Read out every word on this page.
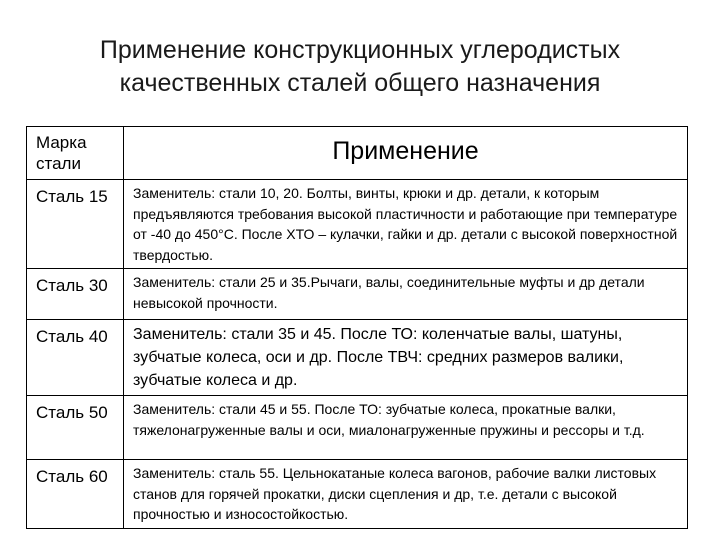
Применение конструкционных углеродистых
качественных сталей общего назначения
Марка
стали	Применение
Сталь 15	Заменитель: стали 10, 20. Болты, винты, крюки и др. детали, к которым предъявляются требования высокой пластичности и работающие при температуре от -40 до 450°С. После ХТО – кулачки, гайки и др. детали с высокой поверхностной твердостью.
Сталь 30	Заменитель: стали 25 и 35.Рычаги, валы, соединительные муфты и др детали невысокой прочности.
Сталь 40	Заменитель: стали 35 и 45. После ТО: коленчатые валы, шатуны, зубчатые колеса, оси и др. После ТВЧ: средних размеров валики, зубчатые колеса и др.
Сталь 50	Заменитель: стали 45 и 55. После ТО: зубчатые колеса, прокатные валки, тяжелонагруженные валы и оси, миалонагруженные пружины и рессоры и т.д.
Сталь 60	Заменитель: сталь 55. Цельнокатаные колеса вагонов, рабочие валки листовых станов для горячей прокатки, диски сцепления и др, т.е. детали с высокой прочностью и износостойкостью.
